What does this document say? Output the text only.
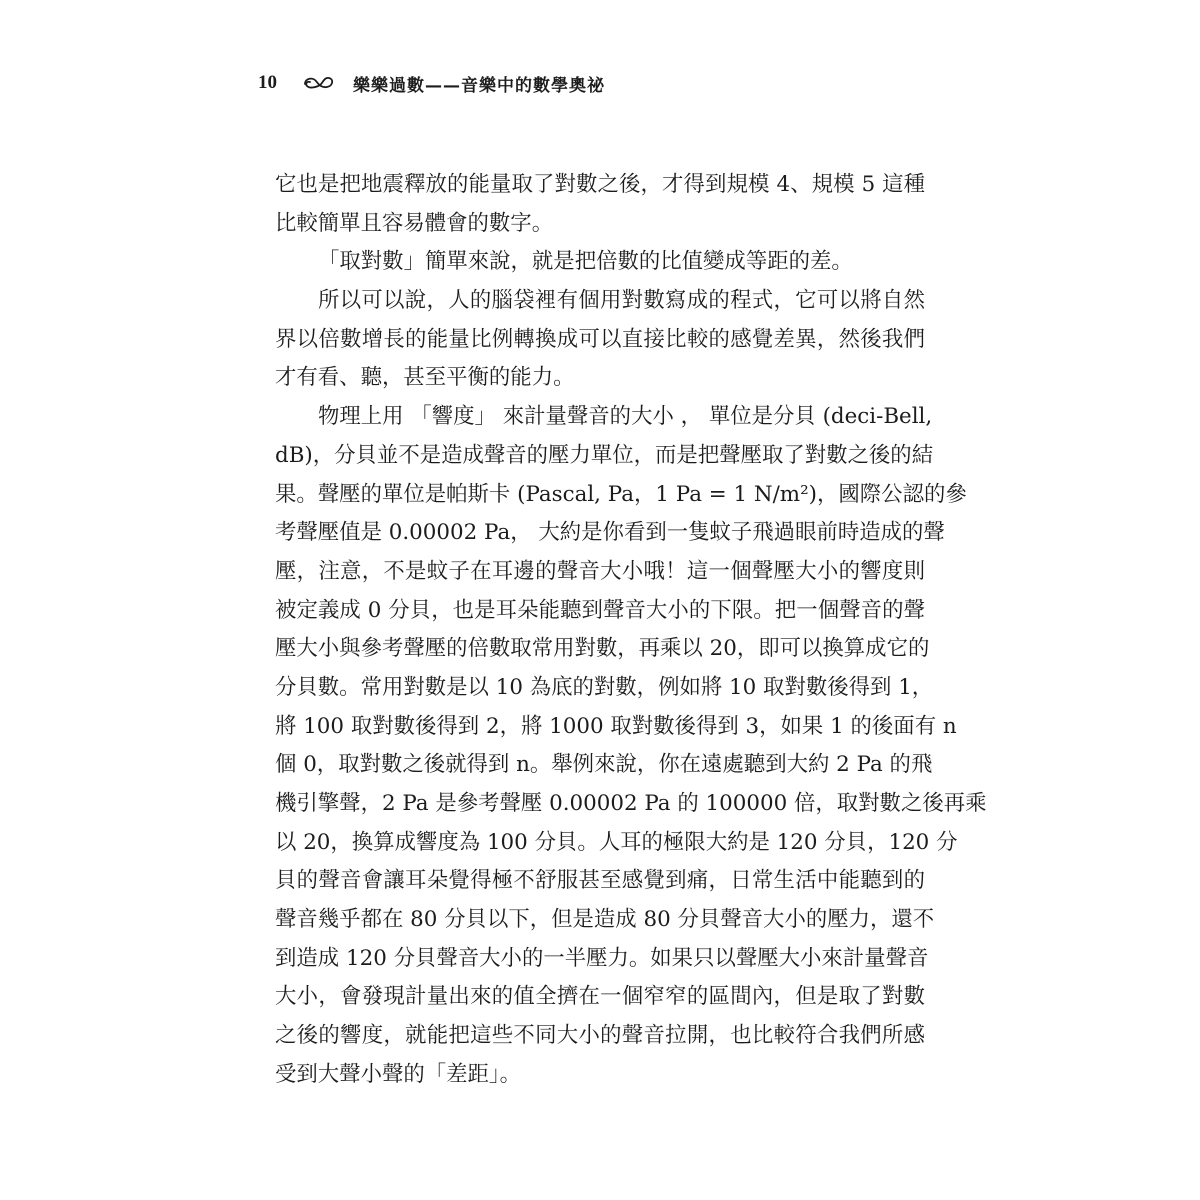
10	樂樂過數——音樂中的數學奧祕
它也是把地震釋放的能量取了對數之後，才得到規模 4、規模 5 這種
比較簡單且容易體會的數字。
「取對數」簡單來說，就是把倍數的比值變成等距的差。
所以可以說，人的腦袋裡有個用對數寫成的程式，它可以將自然
界以倍數增長的能量比例轉換成可以直接比較的感覺差異，然後我們
才有看、聽，甚至平衡的能力。
物理上用 「響度」 來計量聲音的大小 ， 單位是分貝 (deci-Bell,
dB)，分貝並不是造成聲音的壓力單位，而是把聲壓取了對數之後的結
果。聲壓的單位是帕斯卡 (Pascal, Pa，1 Pa = 1 N/m²)，國際公認的參
考聲壓值是 0.00002 Pa， 大約是你看到一隻蚊子飛過眼前時造成的聲
壓，注意，不是蚊子在耳邊的聲音大小哦！這一個聲壓大小的響度則
被定義成 0 分貝，也是耳朵能聽到聲音大小的下限。把一個聲音的聲
壓大小與參考聲壓的倍數取常用對數，再乘以 20，即可以換算成它的
分貝數。常用對數是以 10 為底的對數，例如將 10 取對數後得到 1，
將 100 取對數後得到 2，將 1000 取對數後得到 3，如果 1 的後面有 n
個 0，取對數之後就得到 n。舉例來說，你在遠處聽到大約 2 Pa 的飛
機引擎聲，2 Pa 是參考聲壓 0.00002 Pa 的 100000 倍，取對數之後再乘
以 20，換算成響度為 100 分貝。人耳的極限大約是 120 分貝，120 分
貝的聲音會讓耳朵覺得極不舒服甚至感覺到痛，日常生活中能聽到的
聲音幾乎都在 80 分貝以下，但是造成 80 分貝聲音大小的壓力，還不
到造成 120 分貝聲音大小的一半壓力。如果只以聲壓大小來計量聲音
大小，會發現計量出來的值全擠在一個窄窄的區間內，但是取了對數
之後的響度，就能把這些不同大小的聲音拉開，也比較符合我們所感
受到大聲小聲的「差距」。
